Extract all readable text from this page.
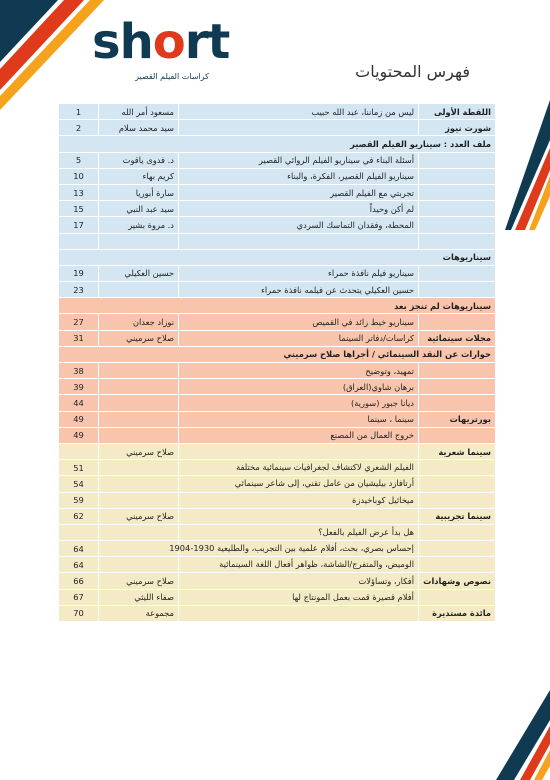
short
كراسات الفيلم القصير	فهرس المحتويات
1	مسعود أمر الله	ليس من زماننا، عبد الله حبيب	اللقطة الأولى
2	سيد محمد سلام		شورت نيوز
ملف العدد : سيناريو الفيلم القصير			
5	د. فدوى ياقوت	أسئلة البناء في سيناريو الفيلم الروائي القصير	
10	كريم بهاء	سيناريو الفيلم القصير، الفكرة، والبناء	
13	سارة أبوريا	تجربتي مع الفيلم القصير	
15	سيد عبد النبي	لم أكن وحيداً	
17	د. مروة بشير	المحطة، وفقدان التماسك السردي	

سيناريوهات			
19	حسين العكيلي	سيناريو فيلم نافذة حمراء	
23		حسين العكيلي يتحدث عن فيلمه نافذة حمراء	
سيناريوهات لم تنجز بعد			
27	نوزاد جعدان	سيناريو خيط زائد في القميص	
31	صلاح سرميني	كراسات/دفاتر السينما	مجلات سينمائية
حوارات عن النقد السينمائي / أجراها صلاح سرميني			
38		تمهيد، وتوضيح	
39		برهان شاوي(العراق)	
44		ديانا جبور (سورية)	
49		سينما ، سينما	بورتريهات
49		خروج العمال من المصنع	
	صلاح سرميني		سينما شعرية
51		الفيلم الشعري لاكتشاف لجغرافيات سينمائية مختلفة	
54		أرتافازد بيليشيان من عامل تقني، إلى شاعر سينمائي	
59		ميخائيل كوباخيدزة	
62	صلاح سرميني		سينما تجريبية
		هل بدأ عرض الفيلم بالفعل؟	
64		إحساس بصري، بحث، أفلام علمية بين التجريب، والطليعية 1930-1904	
64		الوميض، والمتفرج/الشاشة، ظواهر أفعال اللغة السينمائية	
66	صلاح سرميني	أفكار، وتساؤلات	نصوص وشهادات
67	صفاء الليثي	أفلام قصيرة قمت بعمل المونتاج لها	
70	مجموعة		مائدة مستديرة
